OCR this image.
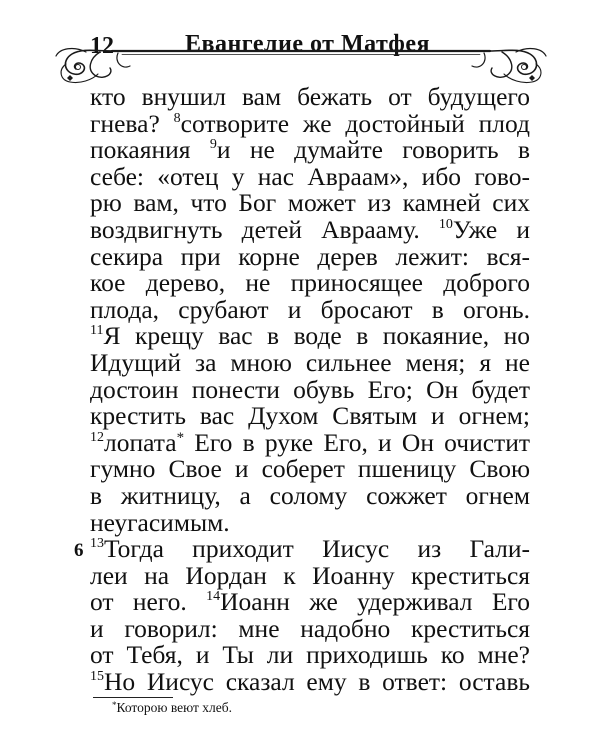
12	Евангелие от Матфея
кто внушил вам бежать от будущего
гнева? $^8$сотворите же достойный плод
покаяния $^9$и не думайте говорить в
себе: «отец у нас Авраам», ибо гово-
рю вам, что Бог может из камней сих
воздвигнуть детей Аврааму. $^{10}$Уже и
секира при корне дерев лежит: вся-
кое дерево, не приносящее доброго
плода, срубают и бросают в огонь.
$^{11}$Я крещу вас в воде в покаяние, но
Идущий за мною сильнее меня; я не
достоин понести обувь Его; Он будет
крестить вас Духом Святым и огнем;
$^{12}$лопата* Его в руке Его, и Он очистит
гумно Свое и соберет пшеницу Свою
в житницу, а солому сожжет огнем
неугасимым.
$^{13}$Тогда приходит Иисус из Гали-
леи на Иордан к Иоанну креститься
от него. $^{14}$Иоанн же удерживал Его
и говорил: мне надобно креститься
от Тебя, и Ты ли приходишь ко мне?
$^{15}$Но Иисус сказал ему в ответ: оставь
6
*Которою веют хлеб.
